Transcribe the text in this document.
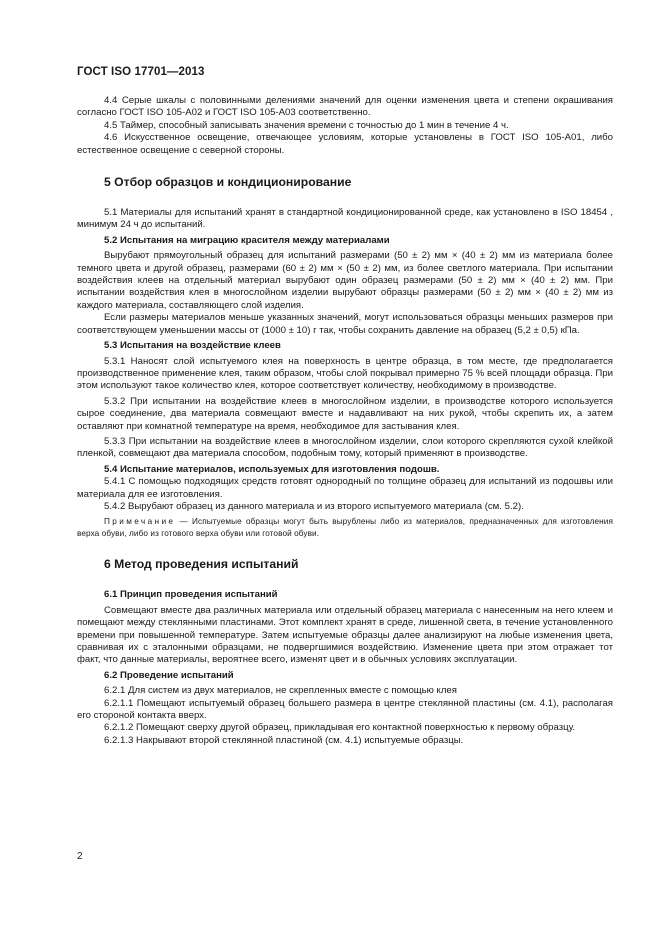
ГОСТ ISO 17701—2013

4.4 Серые шкалы с половинными делениями значений для оценки изменения цвета и степени окрашивания согласно ГОСТ ISO 105-A02 и ГОСТ ISO 105-A03 соответственно.

4.5 Таймер, способный записывать значения времени с точностью до 1 мин в течение 4 ч.

4.6 Искусственное освещение, отвечающее условиям, которые установлены в ГОСТ ISO 105-A01, либо естественное освещение с северной стороны.

5 Отбор образцов и кондиционирование

5.1 Материалы для испытаний хранят в стандартной кондиционированной среде, как установлено в ISO 18454 , минимум 24 ч до испытаний.

5.2 Испытания на миграцию красителя между материалами

Вырубают прямоугольный образец для испытаний размерами (50 ± 2) мм × (40 ± 2) мм из материала более темного цвета и другой образец, размерами (60 ± 2) мм × (50 ± 2) мм, из более светлого материала. При испытании воздействия клеев на отдельный материал вырубают один образец размерами (50 ± 2) мм × (40 ± 2) мм. При испытании воздействия клея в многослойном изделии вырубают образцы размерами (50 ± 2) мм × (40 ± 2) мм из каждого материала, составляющего слой изделия.

Если размеры материалов меньше указанных значений, могут использоваться образцы меньших размеров при соответствующем уменьшении массы от (1000 ± 10) г так, чтобы сохранить давление на образец (5,2 ± 0,5) кПа.

5.3 Испытания на воздействие клеев

5.3.1 Наносят слой испытуемого клея на поверхность в центре образца, в том месте, где предполагается производственное применение клея, таким образом, чтобы слой покрывал примерно 75 % всей площади образца. При этом используют такое количество клея, которое соответствует количеству, необходимому в производстве.

5.3.2 При испытании на воздействие клеев в многослойном изделии, в производстве которого используется сырое соединение, два материала совмещают вместе и надавливают на них рукой, чтобы скрепить их, а затем оставляют при комнатной температуре на время, необходимое для застывания клея.

5.3.3 При испытании на воздействие клеев в многослойном изделии, слои которого скрепляются сухой клейкой пленкой, совмещают два материала способом, подобным тому, который применяют в производстве.

5.4 Испытание материалов, используемых для изготовления подошв.

5.4.1 С помощью подходящих средств готовят однородный по толщине образец для испытаний из подошвы или материала для ее изготовления.

5.4.2 Вырубают образец из данного материала и из второго испытуемого материала (см. 5.2).

Примечание — Испытуемые образцы могут быть вырублены либо из материалов, предназначенных для изготовления верха обуви, либо из готового верха обуви или готовой обуви.

6 Метод проведения испытаний

6.1 Принцип проведения испытаний

Совмещают вместе два различных материала или отдельный образец материала с нанесенным на него клеем и помещают между стеклянными пластинами. Этот комплект хранят в среде, лишенной света, в течение установленного времени при повышенной температуре. Затем испытуемые образцы далее анализируют на любые изменения цвета, сравнивая их с эталонными образцами, не подвергшимися воздействию. Изменение цвета при этом отражает тот факт, что данные материалы, вероятнее всего, изменят цвет и в обычных условиях эксплуатации.

6.2 Проведение испытаний

6.2.1 Для систем из двух материалов, не скрепленных вместе с помощью клея

6.2.1.1 Помещают испытуемый образец большего размера в центре стеклянной пластины (см. 4.1), располагая его стороной контакта вверх.

6.2.1.2 Помещают сверху другой образец, прикладывая его контактной поверхностью к первому образцу.

6.2.1.3 Накрывают второй стеклянной пластиной (см. 4.1) испытуемые образцы.

2
